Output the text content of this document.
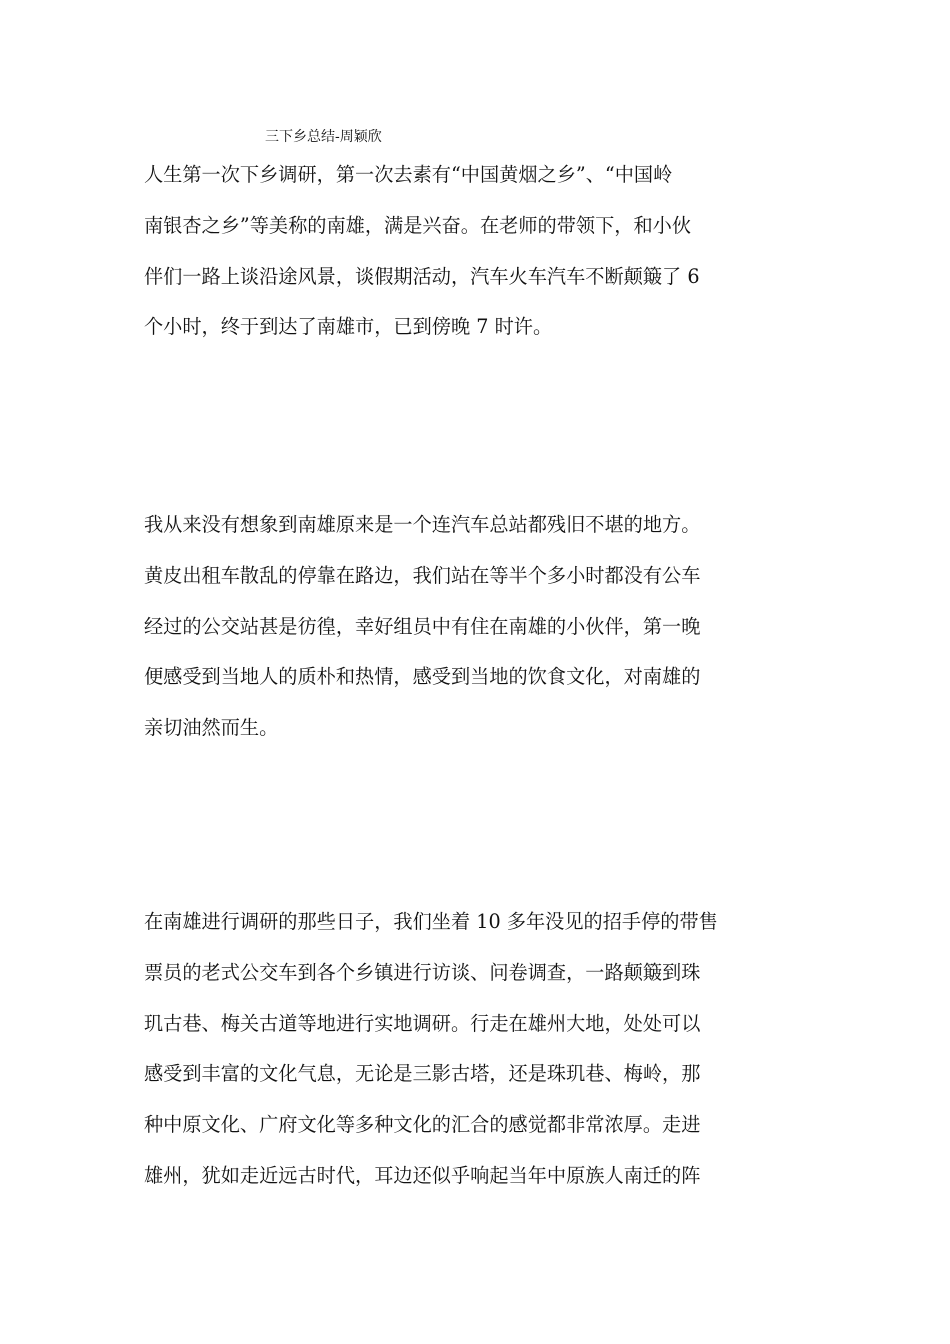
三下乡总结-周颖欣

人生第一次下乡调研，第一次去素有“中国黄烟之乡”、“中国岭
南银杏之乡”等美称的南雄，满是兴奋。在老师的带领下，和小伙
伴们一路上谈沿途风景，谈假期活动，汽车火车汽车不断颠簸了 6
个小时，终于到达了南雄市，已到傍晚 7 时许。

我从来没有想象到南雄原来是一个连汽车总站都残旧不堪的地方。
黄皮出租车散乱的停靠在路边，我们站在等半个多小时都没有公车
经过的公交站甚是彷徨，幸好组员中有住在南雄的小伙伴，第一晚
便感受到当地人的质朴和热情，感受到当地的饮食文化，对南雄的
亲切油然而生。

在南雄进行调研的那些日子，我们坐着 10 多年没见的招手停的带售
票员的老式公交车到各个乡镇进行访谈、问卷调查，一路颠簸到珠
玑古巷、梅关古道等地进行实地调研。行走在雄州大地，处处可以
感受到丰富的文化气息，无论是三影古塔，还是珠玑巷、梅岭，那
种中原文化、广府文化等多种文化的汇合的感觉都非常浓厚。走进
雄州，犹如走近远古时代，耳边还似乎响起当年中原族人南迁的阵
